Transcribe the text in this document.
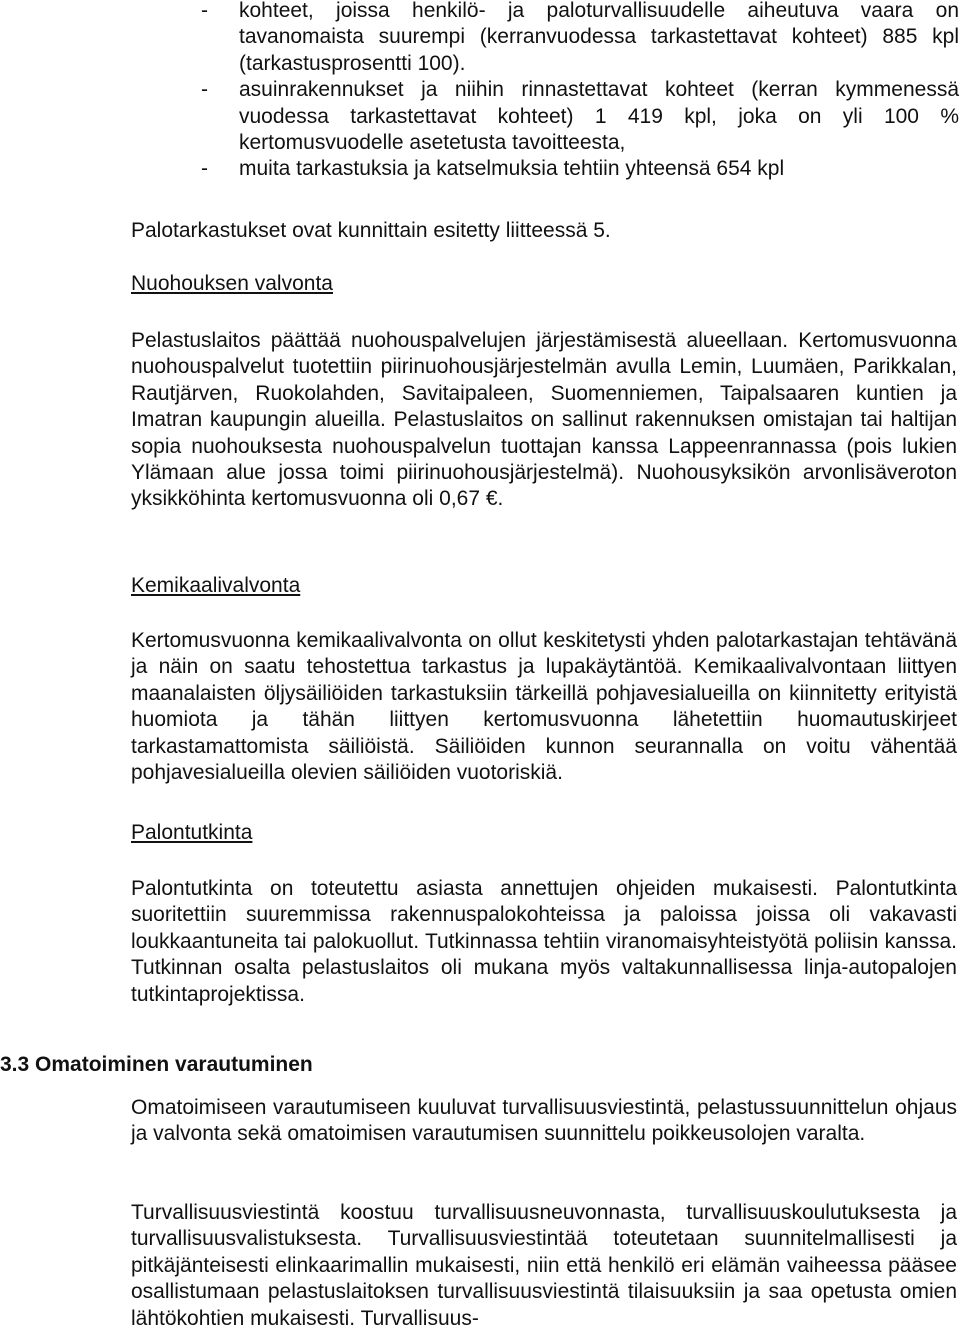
- kohteet, joissa henkilö- ja paloturvallisuudelle aiheutuva vaara on tavanomaista suurempi (kerranvuodessa tarkastettavat kohteet) 885 kpl (tarkastusprosentti 100).
- asuinrakennukset ja niihin rinnastettavat kohteet (kerran kymmenessä vuodessa tarkastettavat kohteet) 1 419 kpl, joka on yli 100 % kertomusvuodelle asetetusta tavoitteesta,
- muita tarkastuksia ja katselmuksia tehtiin yhteensä 654 kpl

Palotarkastukset ovat kunnittain esitetty liitteessä 5.

Nuohouksen valvonta

Pelastuslaitos päättää nuohouspalvelujen järjestämisestä alueellaan. Kertomusvuonna nuohouspalvelut tuotettiin piirinuohousjärjestelmän avulla Lemin, Luumäen, Parikkalan, Rautjärven, Ruokolahden, Savitaipaleen, Suomenniemen, Taipalsaaren kuntien ja Imatran kaupungin alueilla. Pelastuslaitos on sallinut rakennuksen omistajan tai haltijan sopia nuohouksesta nuohouspalvelun tuottajan kanssa Lappeenrannassa (pois lukien Ylämaan alue jossa toimi piirinuohousjärjestelmä). Nuohousyksikön arvonlisäveroton yksikköhinta kertomusvuonna oli 0,67 €.

Kemikaalivalvonta

Kertomusvuonna kemikaalivalvonta on ollut keskitetysti yhden palotarkastajan tehtävänä ja näin on saatu tehostettua tarkastus ja lupakäytäntöä. Kemikaalivalvontaan liittyen maanalaisten öljysäiliöiden tarkastuksiin tärkeillä pohjavesialueilla on kiinnitetty erityistä huomiota ja tähän liittyen kertomusvuonna lähetettiin huomautuskirjeet tarkastamattomista säiliöistä. Säiliöiden kunnon seurannalla on voitu vähentää pohjavesialueilla olevien säiliöiden vuotoriskiä.

Palontutkinta

Palontutkinta on toteutettu asiasta annettujen ohjeiden mukaisesti. Palontutkinta suoritettiin suuremmissa rakennuspalokohteissa ja paloissa joissa oli vakavasti loukkaantuneita tai palokuollut. Tutkinnassa tehtiin viranomaisyhteistyötä poliisin kanssa. Tutkinnan osalta pelastuslaitos oli mukana myös valtakunnallisessa linja-autopalojen tutkintaprojektissa.

3.3 Omatoiminen varautuminen

Omatoimiseen varautumiseen kuuluvat turvallisuusviestintä, pelastussuunnittelun ohjaus ja valvonta sekä omatoimisen varautumisen suunnittelu poikkeusolojen varalta.

Turvallisuusviestintä koostuu turvallisuusneuvonnasta, turvallisuuskoulutuksesta ja turvallisuusvalistuksesta. Turvallisuusviestintää toteutetaan suunnitelmallisesti ja pitkäjänteisesti elinkaarimallin mukaisesti, niin että henkilö eri elämän vaiheessa pääsee osallistumaan pelastuslaitoksen turvallisuusviestintä tilaisuuksiin ja saa opetusta omien lähtökohtien mukaisesti. Turvallisuus-
